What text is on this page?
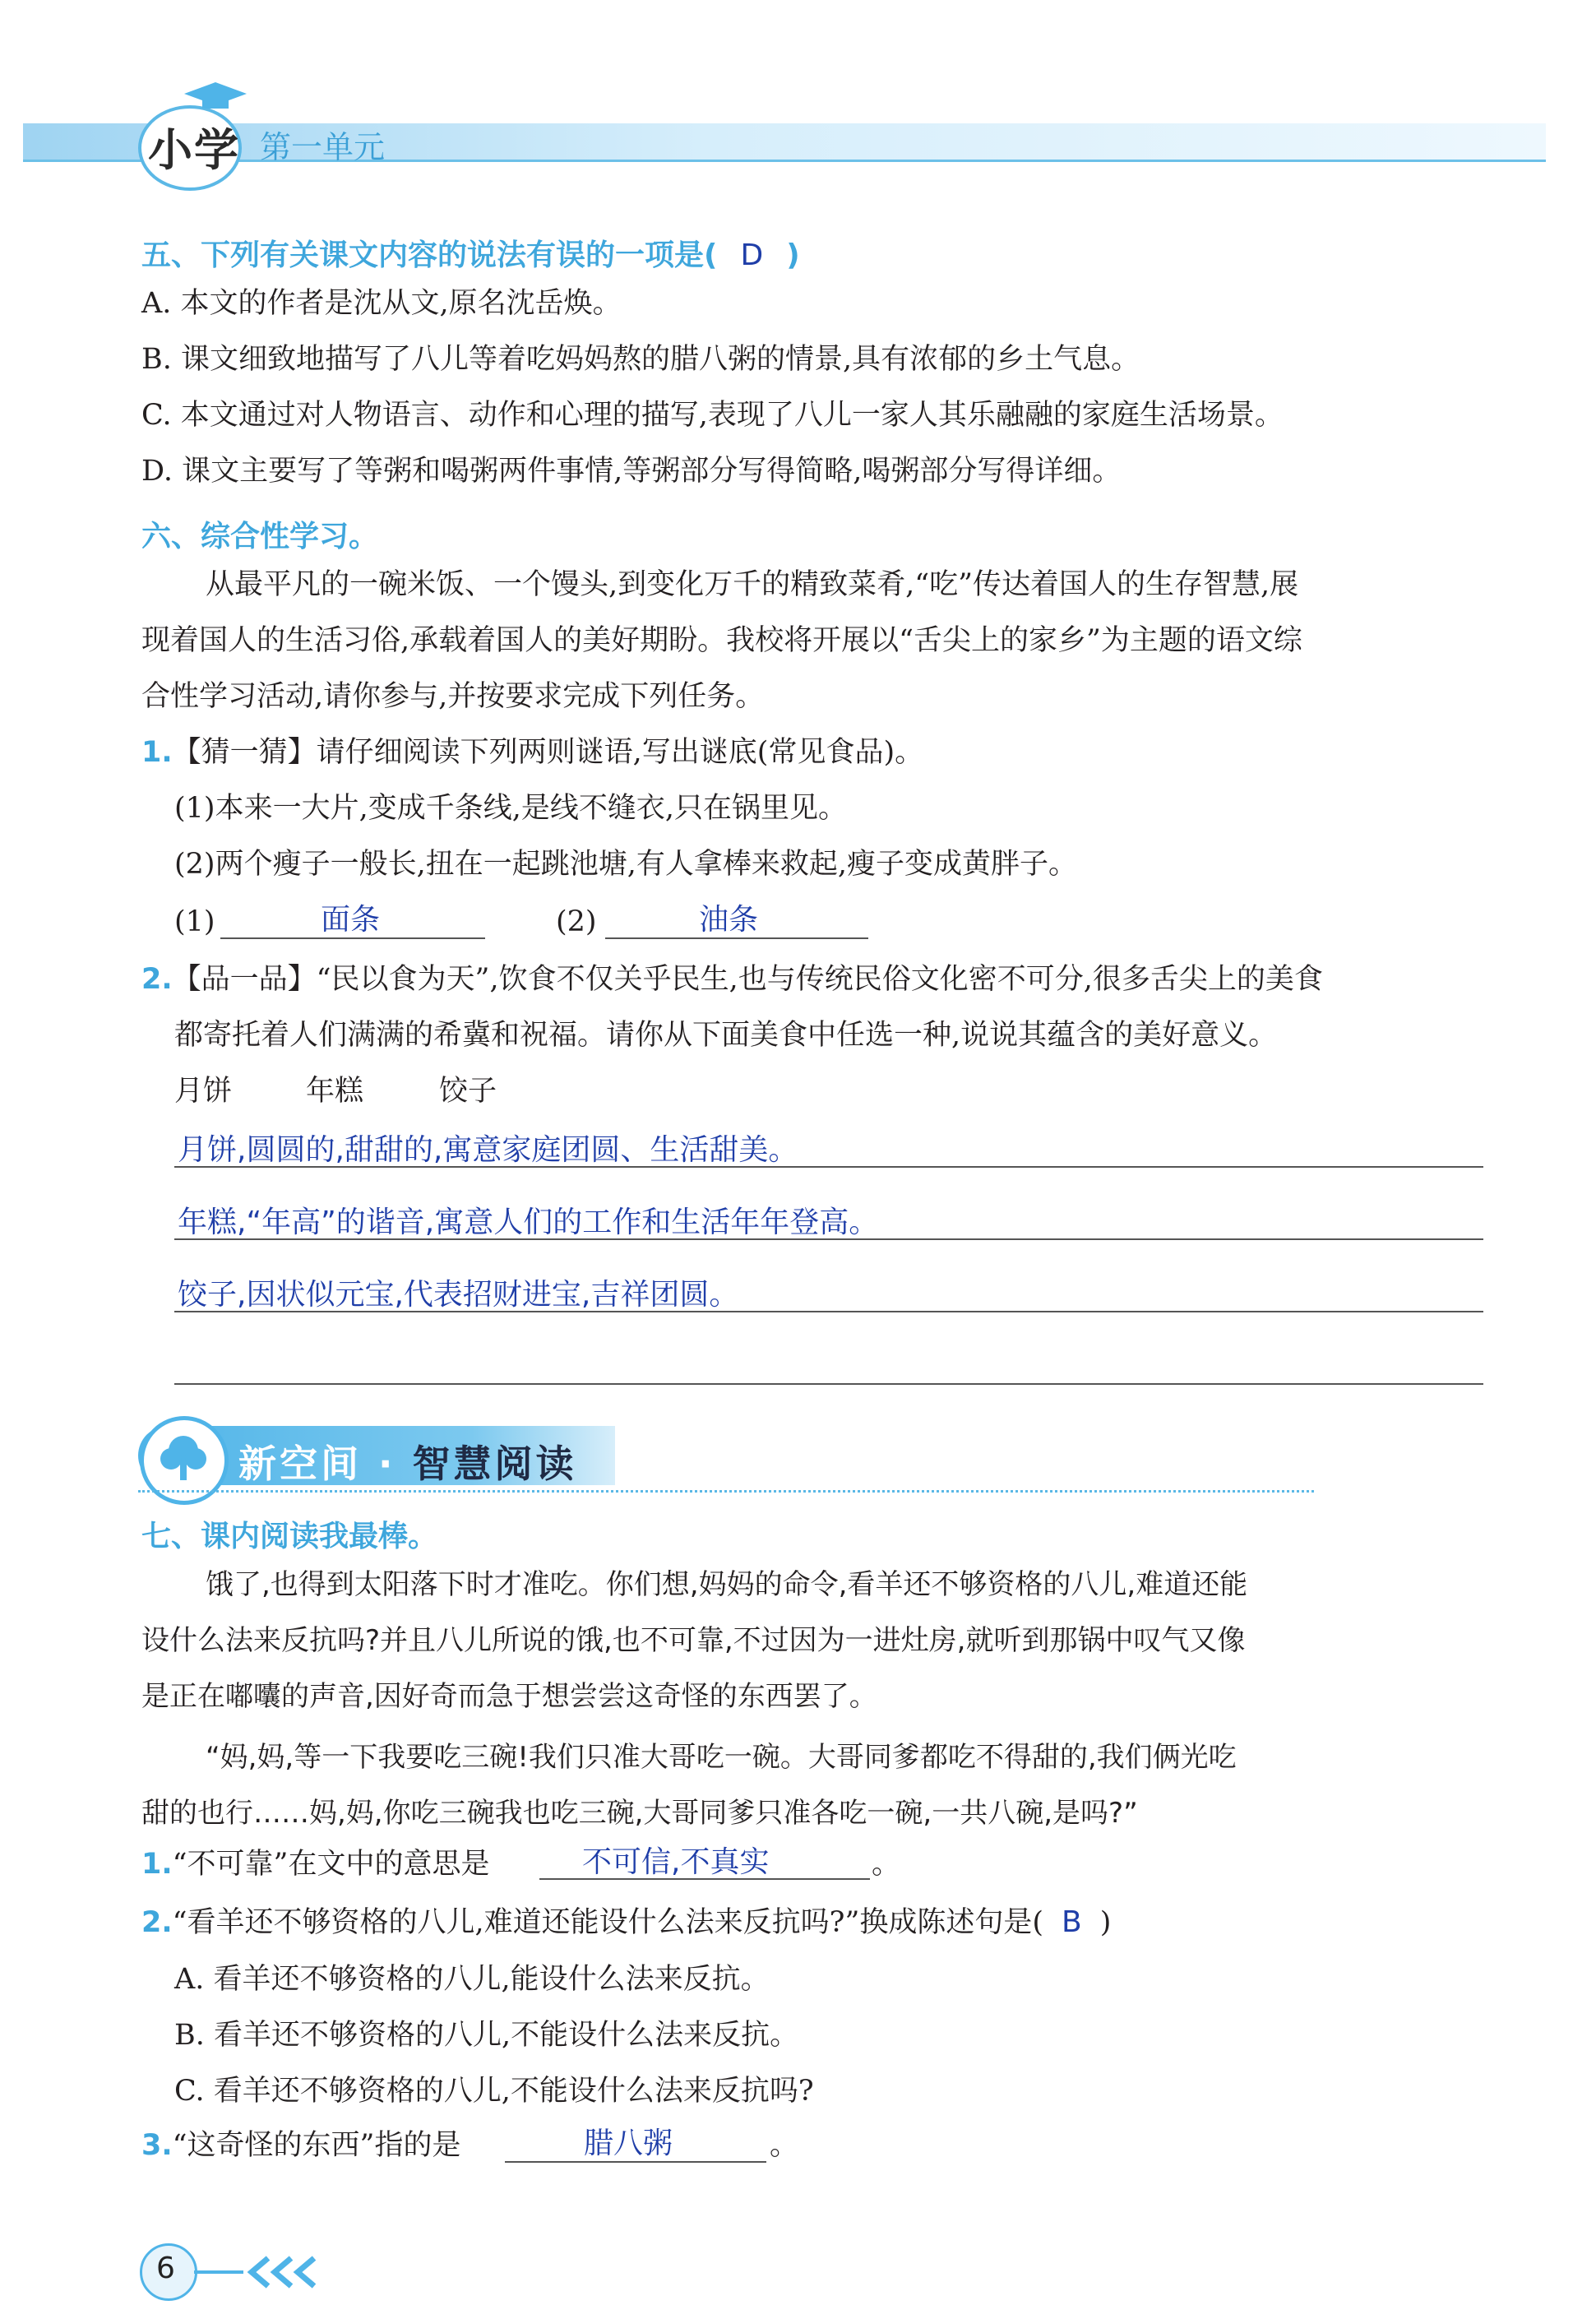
小学 第一单元
五、下列有关课文内容的说法有误的一项是( D )
A. 本文的作者是沈从文,原名沈岳焕。
B. 课文细致地描写了八儿等着吃妈妈熬的腊八粥的情景,具有浓郁的乡土气息。
C. 本文通过对人物语言、动作和心理的描写,表现了八儿一家人其乐融融的家庭生活场景。
D. 课文主要写了等粥和喝粥两件事情,等粥部分写得简略,喝粥部分写得详细。
六、综合性学习。
从最平凡的一碗米饭、一个馒头,到变化万千的精致菜肴,“吃”传达着国人的生存智慧,展
现着国人的生活习俗,承载着国人的美好期盼。我校将开展以“舌尖上的家乡”为主题的语文综
合性学习活动,请你参与,并按要求完成下列任务。
1.【猜一猜】请仔细阅读下列两则谜语,写出谜底(常见食品)。
(1)本来一大片,变成千条线,是线不缝衣,只在锅里见。
(2)两个瘦子一般长,扭在一起跳池塘,有人拿棒来救起,瘦子变成黄胖子。
(1)	面条	(2)	油条
2.【品一品】“民以食为天”,饮食不仅关乎民生,也与传统民俗文化密不可分,很多舌尖上的美食
都寄托着人们满满的希冀和祝福。请你从下面美食中任选一种,说说其蕴含的美好意义。
月饼	年糕	饺子
月饼,圆圆的,甜甜的,寓意家庭团圆、生活甜美。
年糕,“年高”的谐音,寓意人们的工作和生活年年登高。
饺子,因状似元宝,代表招财进宝,吉祥团圆。
新空间 · 智慧阅读
七、课内阅读我最棒。
饿了,也得到太阳落下时才准吃。你们想,妈妈的命令,看羊还不够资格的八儿,难道还能
设什么法来反抗吗?并且八儿所说的饿,也不可靠,不过因为一进灶房,就听到那锅中叹气又像
是正在嘟囔的声音,因好奇而急于想尝尝这奇怪的东西罢了。
“妈,妈,等一下我要吃三碗!我们只准大哥吃一碗。大哥同爹都吃不得甜的,我们俩光吃
甜的也行……妈,妈,你吃三碗我也吃三碗,大哥同爹只准各吃一碗,一共八碗,是吗?”
1.“不可靠”在文中的意思是	不可信,不真实	。
2.“看羊还不够资格的八儿,难道还能设什么法来反抗吗?”换成陈述句是( B )
A. 看羊还不够资格的八儿,能设什么法来反抗。
B. 看羊还不够资格的八儿,不能设什么法来反抗。
C. 看羊还不够资格的八儿,不能设什么法来反抗吗?
3.“这奇怪的东西”指的是	腊八粥	。
6
